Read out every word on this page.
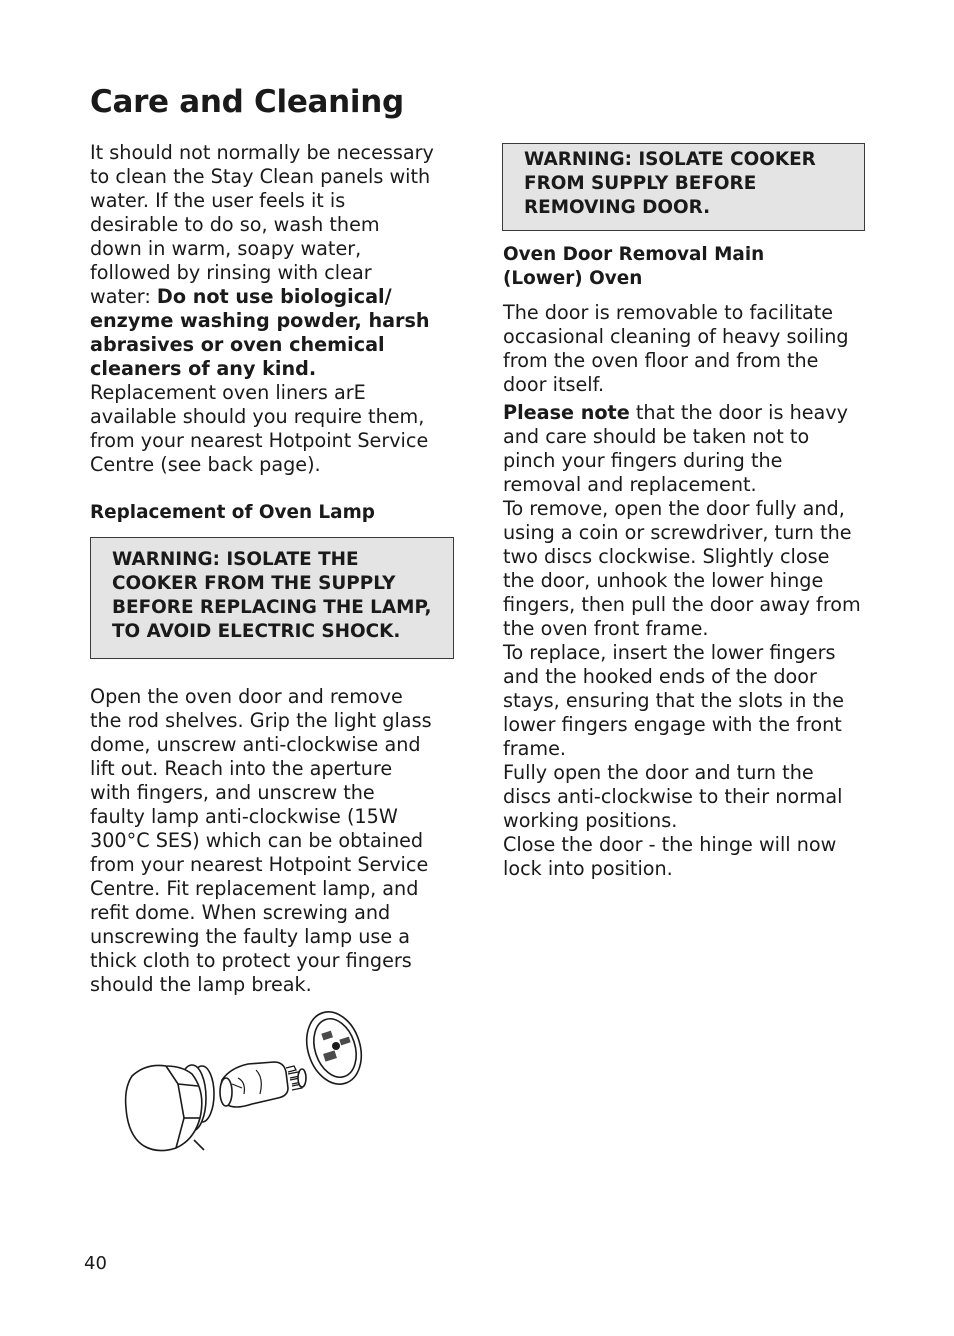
Care and Cleaning

It should not normally be necessary to clean the Stay Clean panels with water. If the user feels it is desirable to do so, wash them down in warm, soapy water, followed by rinsing with clear water: Do not use biological/ enzyme washing powder, harsh abrasives or oven chemical cleaners of any kind. Replacement oven liners arE available should you require them, from your nearest Hotpoint Service Centre (see back page).

Replacement of Oven Lamp
WARNING: ISOLATE THE COOKER FROM THE SUPPLY BEFORE REPLACING THE LAMP, TO AVOID ELECTRIC SHOCK.

Open the oven door and remove the rod shelves. Grip the light glass dome, unscrew anti-clockwise and lift out. Reach into the aperture with fingers, and unscrew the faulty lamp anti-clockwise (15W 300°C SES) which can be obtained from your nearest Hotpoint Service Centre. Fit replacement lamp, and refit dome. When screwing and unscrewing the faulty lamp use a thick cloth to protect your fingers should the lamp break.

WARNING: ISOLATE COOKER FROM SUPPLY BEFORE REMOVING DOOR.
Oven Door Removal Main (Lower) Oven

The door is removable to facilitate occasional cleaning of heavy soiling from the oven floor and from the door itself.

Please note that the door is heavy and care should be taken not to pinch your fingers during the removal and replacement.

To remove, open the door fully and, using a coin or screwdriver, turn the two discs clockwise. Slightly close the door, unhook the lower hinge fingers, then pull the door away from the oven front frame.

To replace, insert the lower fingers and the hooked ends of the door stays, ensuring that the slots in the lower fingers engage with the front frame.

Fully open the door and turn the discs anti-clockwise to their normal working positions.

Close the door - the hinge will now lock into position.

40
